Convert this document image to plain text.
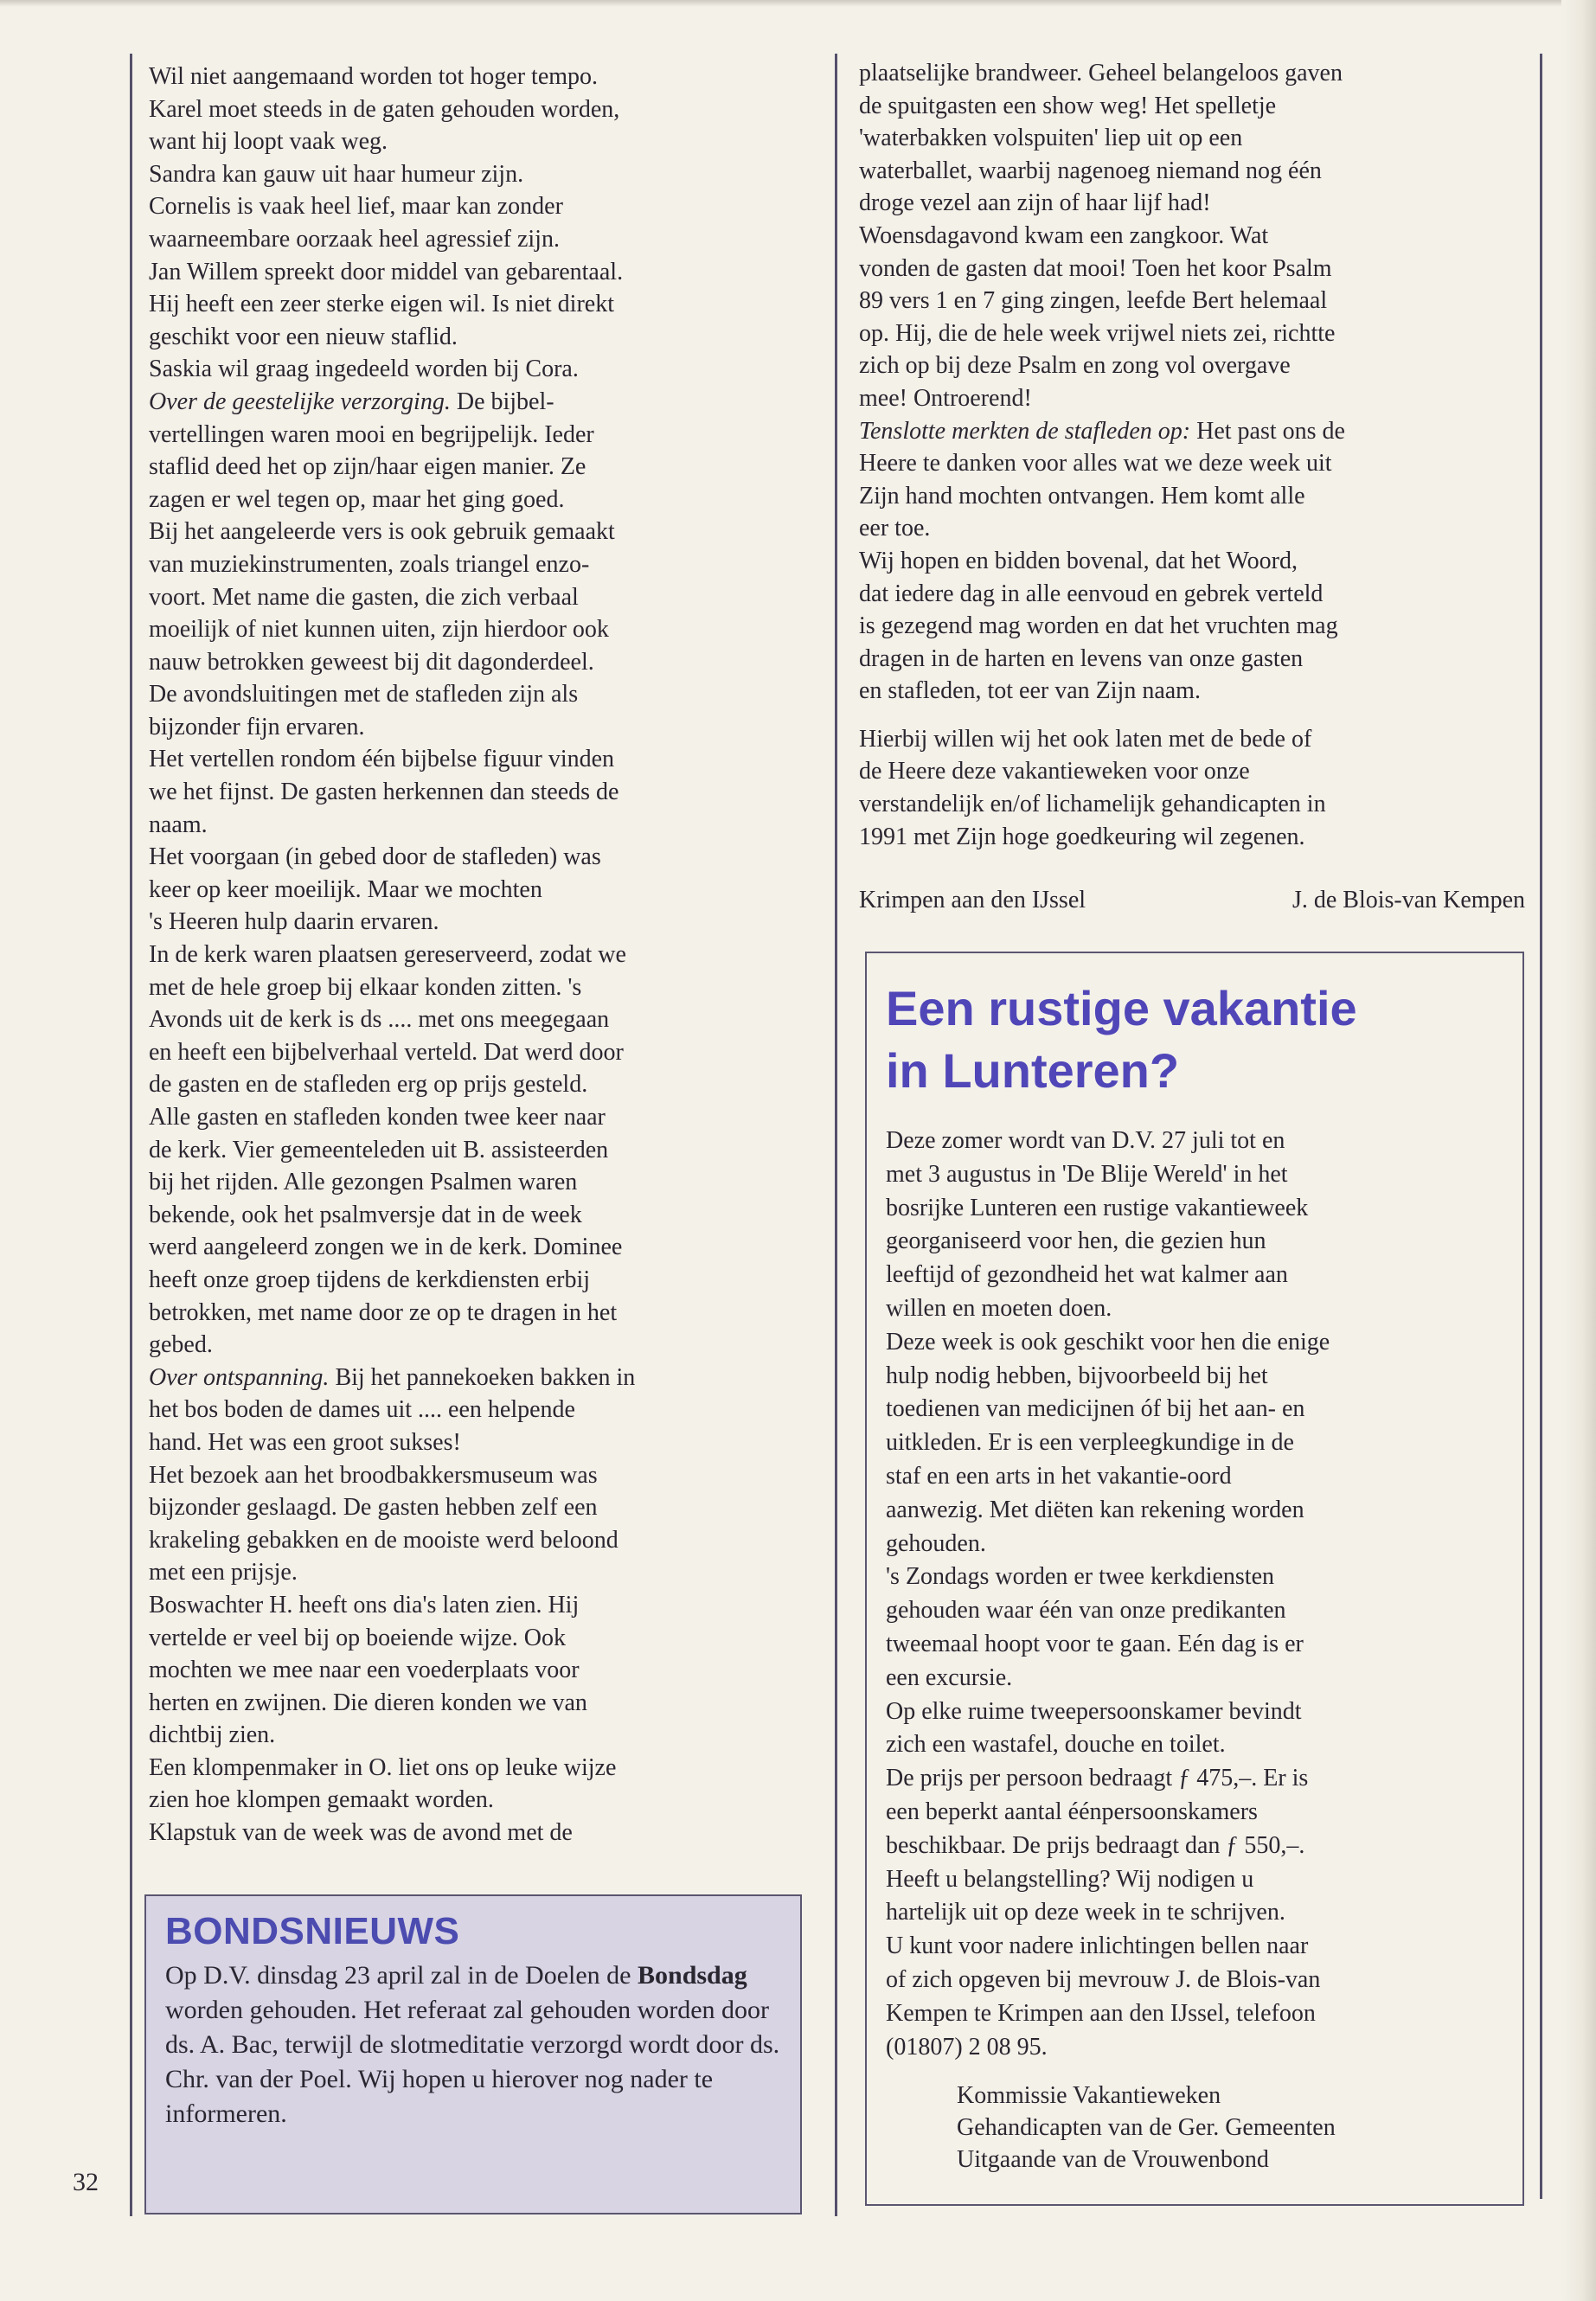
Wil niet aangemaand worden tot hoger tempo.

Karel moet steeds in de gaten gehouden worden,

want hij loopt vaak weg.

Sandra kan gauw uit haar humeur zijn.

Cornelis is vaak heel lief, maar kan zonder

waarneembare oorzaak heel agressief zijn.

Jan Willem spreekt door middel van gebarentaal.

Hij heeft een zeer sterke eigen wil. Is niet direkt

geschikt voor een nieuw staflid.

Saskia wil graag ingedeeld worden bij Cora.

Over de geestelijke verzorging. De bijbel-

vertellingen waren mooi en begrijpelijk. Ieder

staflid deed het op zijn/haar eigen manier. Ze

zagen er wel tegen op, maar het ging goed.

Bij het aangeleerde vers is ook gebruik gemaakt

van muziekinstrumenten, zoals triangel enzo-

voort. Met name die gasten, die zich verbaal

moeilijk of niet kunnen uiten, zijn hierdoor ook

nauw betrokken geweest bij dit dagonderdeel.

De avondsluitingen met de stafleden zijn als

bijzonder fijn ervaren.

Het vertellen rondom één bijbelse figuur vinden

we het fijnst. De gasten herkennen dan steeds de

naam.

Het voorgaan (in gebed door de stafleden) was

keer op keer moeilijk. Maar we mochten

's Heeren hulp daarin ervaren.

In de kerk waren plaatsen gereserveerd, zodat we

met de hele groep bij elkaar konden zitten. 's

Avonds uit de kerk is ds .... met ons meegegaan

en heeft een bijbelverhaal verteld. Dat werd door

de gasten en de stafleden erg op prijs gesteld.

Alle gasten en stafleden konden twee keer naar

de kerk. Vier gemeenteleden uit B. assisteerden

bij het rijden. Alle gezongen Psalmen waren

bekende, ook het psalmversje dat in de week

werd aangeleerd zongen we in de kerk. Dominee

heeft onze groep tijdens de kerkdiensten erbij

betrokken, met name door ze op te dragen in het

gebed.

Over ontspanning. Bij het pannekoeken bakken in

het bos boden de dames uit .... een helpende

hand. Het was een groot sukses!

Het bezoek aan het broodbakkersmuseum was

bijzonder geslaagd. De gasten hebben zelf een

krakeling gebakken en de mooiste werd beloond

met een prijsje.

Boswachter H. heeft ons dia's laten zien. Hij

vertelde er veel bij op boeiende wijze. Ook

mochten we mee naar een voederplaats voor

herten en zwijnen. Die dieren konden we van

dichtbij zien.

Een klompenmaker in O. liet ons op leuke wijze

zien hoe klompen gemaakt worden.

Klapstuk van de week was de avond met de

BONDSNIEUWS

Op D.V. dinsdag 23 april zal in de Doelen de Bondsdag worden gehouden. Het referaat zal gehouden worden door ds. A. Bac, terwijl de slotmeditatie verzorgd wordt door ds. Chr. van der Poel. Wij hopen u hierover nog nader te informeren.

plaatselijke brandweer. Geheel belangeloos gaven

de spuitgasten een show weg! Het spelletje

'waterbakken volspuiten' liep uit op een

waterballet, waarbij nagenoeg niemand nog één

droge vezel aan zijn of haar lijf had!

Woensdagavond kwam een zangkoor. Wat

vonden de gasten dat mooi! Toen het koor Psalm

89 vers 1 en 7 ging zingen, leefde Bert helemaal

op. Hij, die de hele week vrijwel niets zei, richtte

zich op bij deze Psalm en zong vol overgave

mee! Ontroerend!

Tenslotte merkten de stafleden op: Het past ons de

Heere te danken voor alles wat we deze week uit

Zijn hand mochten ontvangen. Hem komt alle

eer toe.

Wij hopen en bidden bovenal, dat het Woord,

dat iedere dag in alle eenvoud en gebrek verteld

is gezegend mag worden en dat het vruchten mag

dragen in de harten en levens van onze gasten

en stafleden, tot eer van Zijn naam.

Hierbij willen wij het ook laten met de bede of

de Heere deze vakantieweken voor onze

verstandelijk en/of lichamelijk gehandicapten in

1991 met Zijn hoge goedkeuring wil zegenen.

Krimpen aan den IJssel	J. de Blois-van Kempen
Een rustige vakantie
in Lunteren?

Deze zomer wordt van D.V. 27 juli tot en

met 3 augustus in 'De Blije Wereld' in het

bosrijke Lunteren een rustige vakantieweek

georganiseerd voor hen, die gezien hun

leeftijd of gezondheid het wat kalmer aan

willen en moeten doen.

Deze week is ook geschikt voor hen die enige

hulp nodig hebben, bijvoorbeeld bij het

toedienen van medicijnen óf bij het aan- en

uitkleden. Er is een verpleegkundige in de

staf en een arts in het vakantie-oord

aanwezig. Met diëten kan rekening worden

gehouden.

's Zondags worden er twee kerkdiensten

gehouden waar één van onze predikanten

tweemaal hoopt voor te gaan. Eén dag is er

een excursie.

Op elke ruime tweepersoonskamer bevindt

zich een wastafel, douche en toilet.

De prijs per persoon bedraagt ƒ 475,–. Er is

een beperkt aantal éénpersoonskamers

beschikbaar. De prijs bedraagt dan ƒ 550,–.

Heeft u belangstelling? Wij nodigen u

hartelijk uit op deze week in te schrijven.

U kunt voor nadere inlichtingen bellen naar

of zich opgeven bij mevrouw J. de Blois-van

Kempen te Krimpen aan den IJssel, telefoon

(01807) 2 08 95.

Kommissie Vakantieweken
Gehandicapten van de Ger. Gemeenten
Uitgaande van de Vrouwenbond
32
